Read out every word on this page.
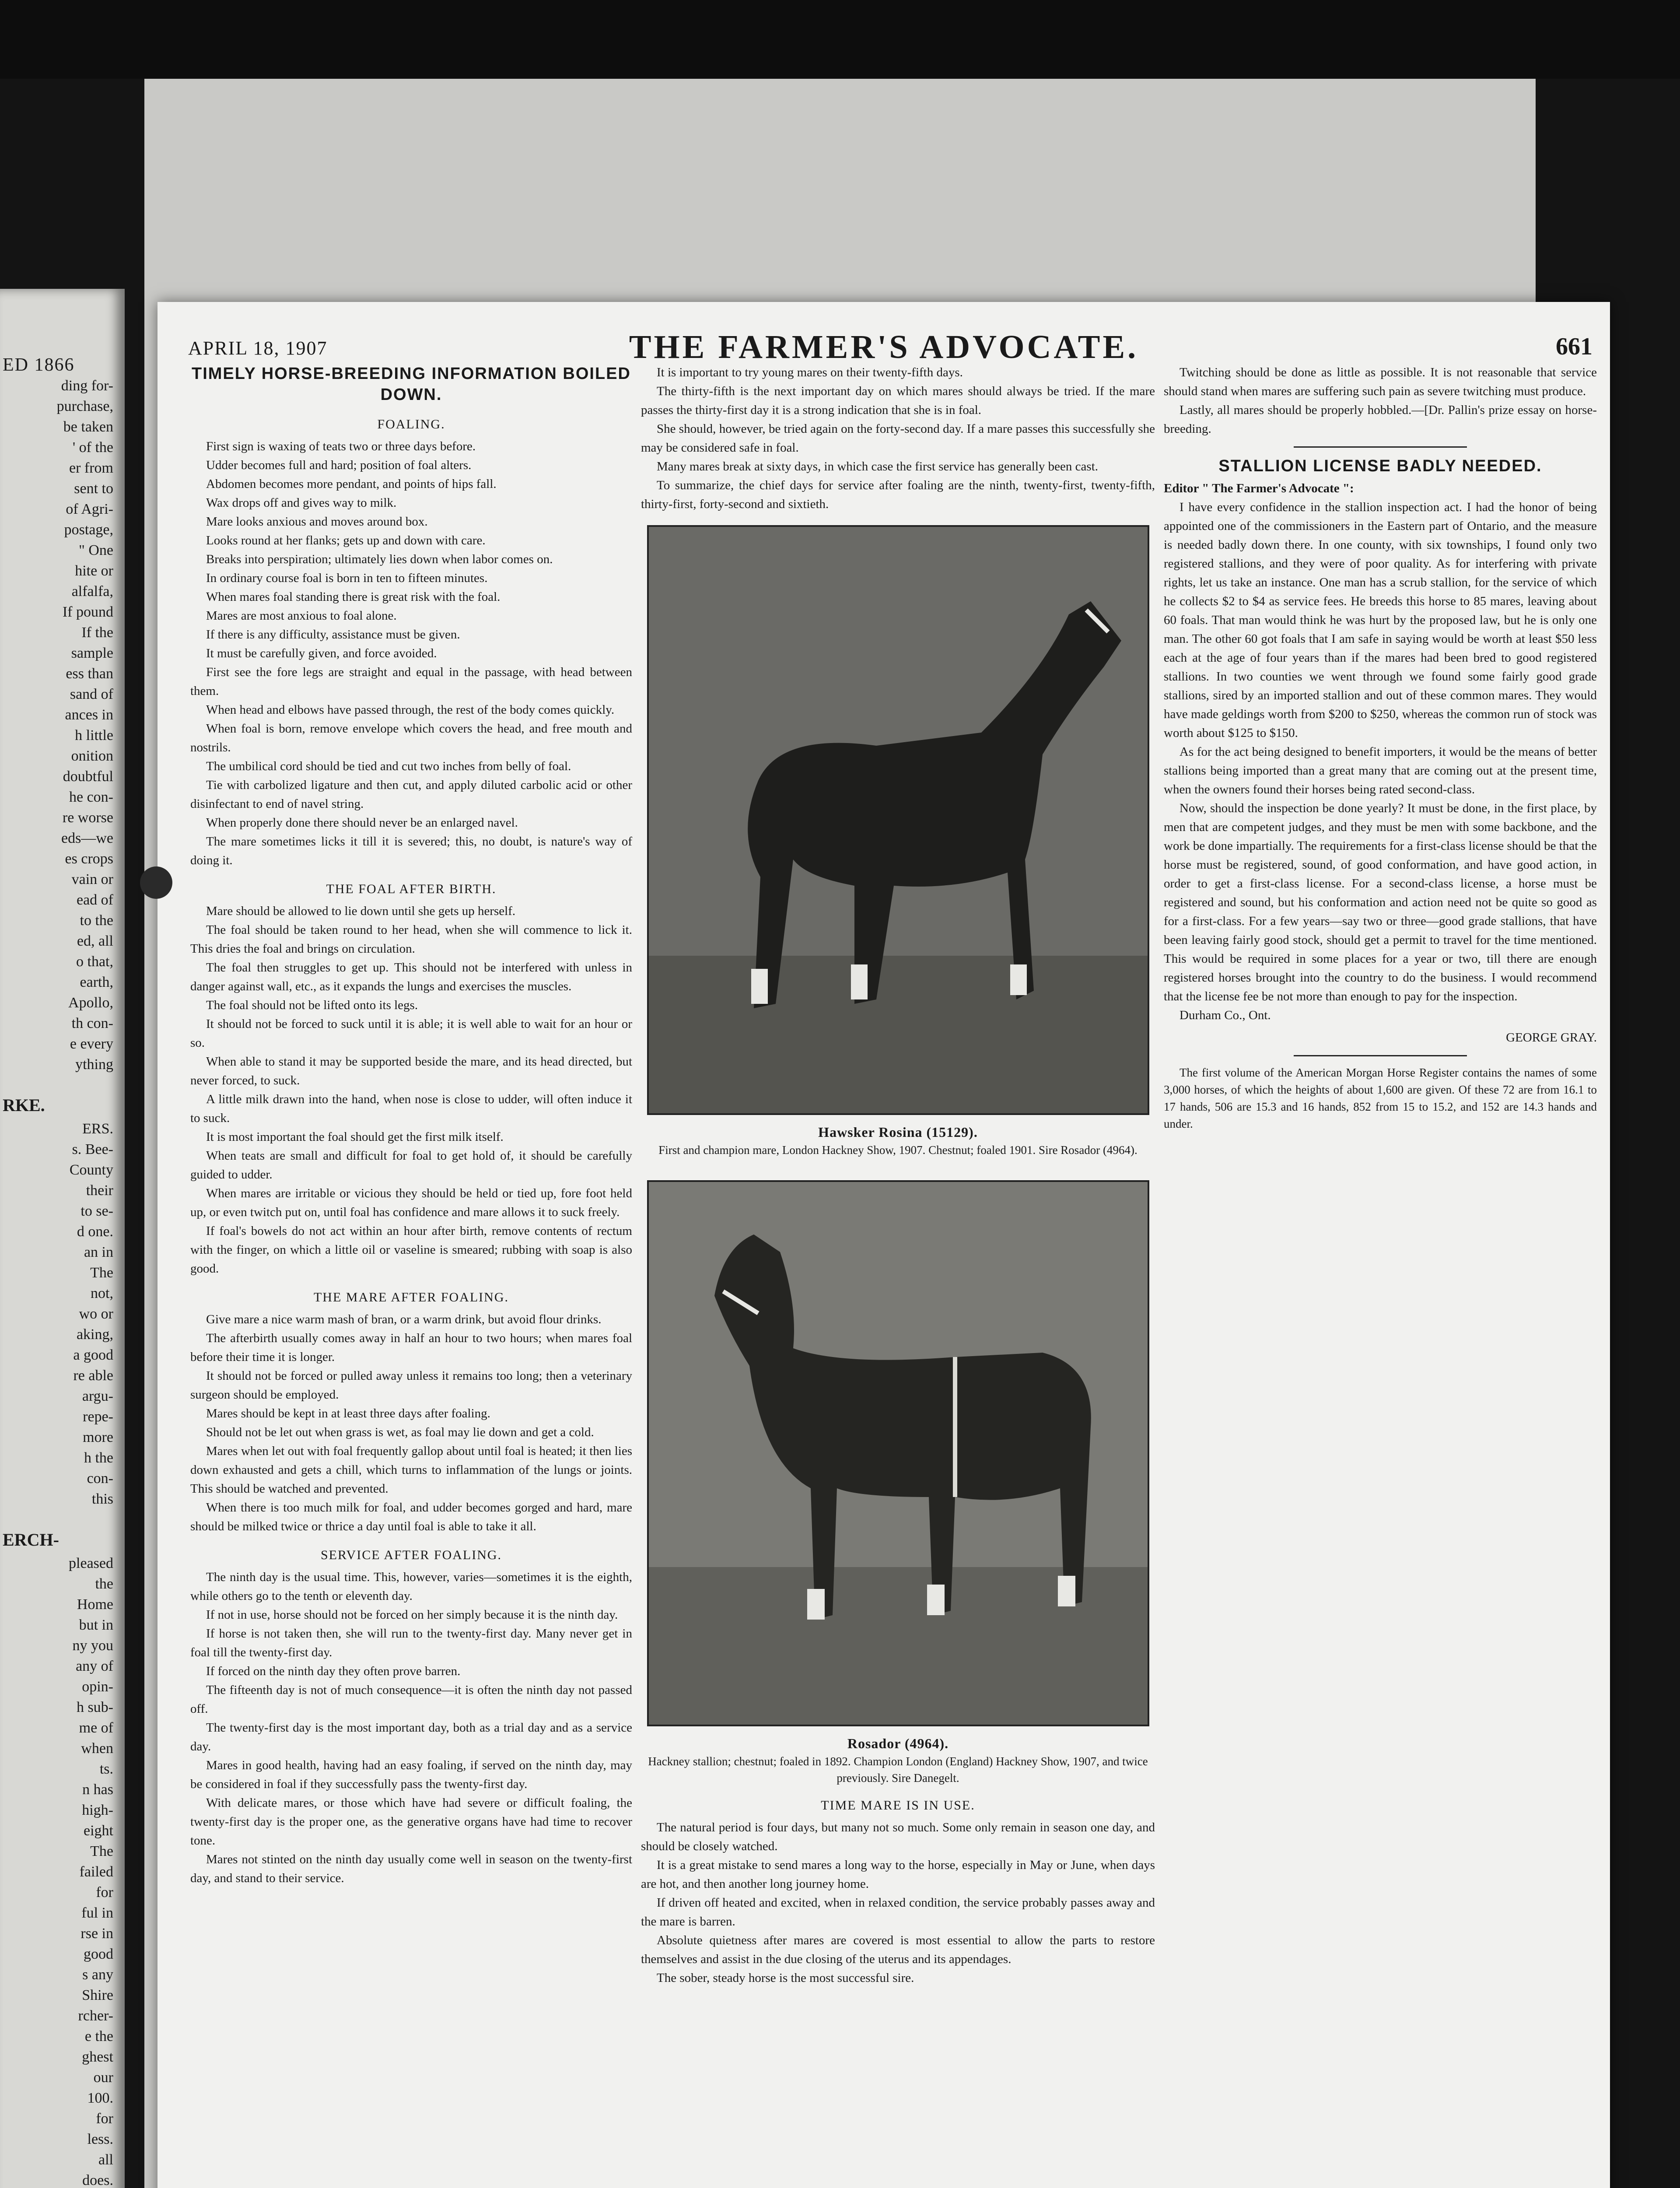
ED 1866
ding for-
purchase,
be taken
' of the
er from
sent to
of Agri-
postage,
" One
hite or
alfalfa,
If pound
If the
sample
ess than
sand of
ances in
h little
onition
doubtful
he con-
re worse
eds—we
es crops
vain or
ead of
to the
ed, all
o that,
earth,
Apollo,
th con-
e every
ything
RKE.
ERS.
s. Bee-
County
their
to se-
d one.
an in
The
not,
wo or
aking,
a good
re able
argu-
repe-
more
h the
con-
this
ERCH-
pleased
the
Home
but in
ny you
any of
opin-
h sub-
me of
when
ts.
n has
high-
eight
The
failed
for
ful in
rse in
good
s any
Shire
rcher-
e the
ghest
our
100.
for
less.
all
does.
APRIL 18, 1907	THE FARMER'S ADVOCATE.	661
TIMELY HORSE-BREEDING INFORMATION BOILED DOWN.
FOALING.

First sign is waxing of teats two or three days before.

Udder becomes full and hard; position of foal alters.

Abdomen becomes more pendant, and points of hips fall.

Wax drops off and gives way to milk.

Mare looks anxious and moves around box.

Looks round at her flanks; gets up and down with care.

Breaks into perspiration; ultimately lies down when labor comes on.

In ordinary course foal is born in ten to fifteen minutes.

When mares foal standing there is great risk with the foal.

Mares are most anxious to foal alone.

If there is any difficulty, assistance must be given.

It must be carefully given, and force avoided.

First see the fore legs are straight and equal in the passage, with head between them.

When head and elbows have passed through, the rest of the body comes quickly.

When foal is born, remove envelope which covers the head, and free mouth and nostrils.

The umbilical cord should be tied and cut two inches from belly of foal.

Tie with carbolized ligature and then cut, and apply diluted carbolic acid or other disinfectant to end of navel string.

When properly done there should never be an enlarged navel.

The mare sometimes licks it till it is severed; this, no doubt, is nature's way of doing it.

THE FOAL AFTER BIRTH.

Mare should be allowed to lie down until she gets up herself.

The foal should be taken round to her head, when she will commence to lick it. This dries the foal and brings on circulation.

The foal then struggles to get up. This should not be interfered with unless in danger against wall, etc., as it expands the lungs and exercises the muscles.

The foal should not be lifted onto its legs.

It should not be forced to suck until it is able; it is well able to wait for an hour or so.

When able to stand it may be supported beside the mare, and its head directed, but never forced, to suck.

A little milk drawn into the hand, when nose is close to udder, will often induce it to suck.

It is most important the foal should get the first milk itself.

When teats are small and difficult for foal to get hold of, it should be carefully guided to udder.

When mares are irritable or vicious they should be held or tied up, fore foot held up, or even twitch put on, until foal has confidence and mare allows it to suck freely.

If foal's bowels do not act within an hour after birth, remove contents of rectum with the finger, on which a little oil or vaseline is smeared; rubbing with soap is also good.

THE MARE AFTER FOALING.

Give mare a nice warm mash of bran, or a warm drink, but avoid flour drinks.

The afterbirth usually comes away in half an hour to two hours; when mares foal before their time it is longer.

It should not be forced or pulled away unless it remains too long; then a veterinary surgeon should be employed.

Mares should be kept in at least three days after foaling.

Should not be let out when grass is wet, as foal may lie down and get a cold.

Mares when let out with foal frequently gallop about until foal is heated; it then lies down exhausted and gets a chill, which turns to inflammation of the lungs or joints. This should be watched and prevented.

When there is too much milk for foal, and udder becomes gorged and hard, mare should be milked twice or thrice a day until foal is able to take it all.

SERVICE AFTER FOALING.

The ninth day is the usual time. This, however, varies—sometimes it is the eighth, while others go to the tenth or eleventh day.

If not in use, horse should not be forced on her simply because it is the ninth day.

If horse is not taken then, she will run to the twenty-first day. Many never get in foal till the twenty-first day.

If forced on the ninth day they often prove barren.

The fifteenth day is not of much consequence—it is often the ninth day not passed off.

The twenty-first day is the most important day, both as a trial day and as a service day.

Mares in good health, having had an easy foaling, if served on the ninth day, may be considered in foal if they successfully pass the twenty-first day.

With delicate mares, or those which have had severe or difficult foaling, the twenty-first day is the proper one, as the generative organs have had time to recover tone.

Mares not stinted on the ninth day usually come well in season on the twenty-first day, and stand to their service.

It is important to try young mares on their twenty-fifth days.

The thirty-fifth is the next important day on which mares should always be tried. If the mare passes the thirty-first day it is a strong indication that she is in foal.

She should, however, be tried again on the forty-second day. If a mare passes this successfully she may be considered safe in foal.

Many mares break at sixty days, in which case the first service has generally been cast.

To summarize, the chief days for service after foaling are the ninth, twenty-first, twenty-fifth, thirty-first, forty-second and sixtieth.

Hawsker Rosina (15129).
First and champion mare, London Hackney Show, 1907. Chestnut; foaled 1901. Sire Rosador (4964).
Rosador (4964).
Hackney stallion; chestnut; foaled in 1892. Champion London (England) Hackney Show, 1907, and twice previously. Sire Danegelt.
TIME MARE IS IN USE.

The natural period is four days, but many not so much. Some only remain in season one day, and should be closely watched.

It is a great mistake to send mares a long way to the horse, especially in May or June, when days are hot, and then another long journey home.

If driven off heated and excited, when in relaxed condition, the service probably passes away and the mare is barren.

Absolute quietness after mares are covered is most essential to allow the parts to restore themselves and assist in the due closing of the uterus and its appendages.

The sober, steady horse is the most successful sire.

Twitching should be done as little as possible. It is not reasonable that service should stand when mares are suffering such pain as severe twitching must produce.

Lastly, all mares should be properly hobbled.—[Dr. Pallin's prize essay on horse-breeding.

STALLION LICENSE BADLY NEEDED.

Editor " The Farmer's Advocate ":

I have every confidence in the stallion inspection act. I had the honor of being appointed one of the commissioners in the Eastern part of Ontario, and the measure is needed badly down there. In one county, with six townships, I found only two registered stallions, and they were of poor quality. As for interfering with private rights, let us take an instance. One man has a scrub stallion, for the service of which he collects $2 to $4 as service fees. He breeds this horse to 85 mares, leaving about 60 foals. That man would think he was hurt by the proposed law, but he is only one man. The other 60 got foals that I am safe in saying would be worth at least $50 less each at the age of four years than if the mares had been bred to good registered stallions. In two counties we went through we found some fairly good grade stallions, sired by an imported stallion and out of these common mares. They would have made geldings worth from $200 to $250, whereas the common run of stock was worth about $125 to $150.

As for the act being designed to benefit importers, it would be the means of better stallions being imported than a great many that are coming out at the present time, when the owners found their horses being rated second-class.

Now, should the inspection be done yearly? It must be done, in the first place, by men that are competent judges, and they must be men with some backbone, and the work be done impartially. The requirements for a first-class license should be that the horse must be registered, sound, of good conformation, and have good action, in order to get a first-class license. For a second-class license, a horse must be registered and sound, but his conformation and action need not be quite so good as for a first-class. For a few years—say two or three—good grade stallions, that have been leaving fairly good stock, should get a permit to travel for the time mentioned. This would be required in some places for a year or two, till there are enough registered horses brought into the country to do the business. I would recommend that the license fee be not more than enough to pay for the inspection.

Durham Co., Ont.

GEORGE GRAY.

The first volume of the American Morgan Horse Register contains the names of some 3,000 horses, of which the heights of about 1,600 are given. Of these 72 are from 16.1 to 17 hands, 506 are 15.3 and 16 hands, 852 from 15 to 15.2, and 152 are 14.3 hands and under.
